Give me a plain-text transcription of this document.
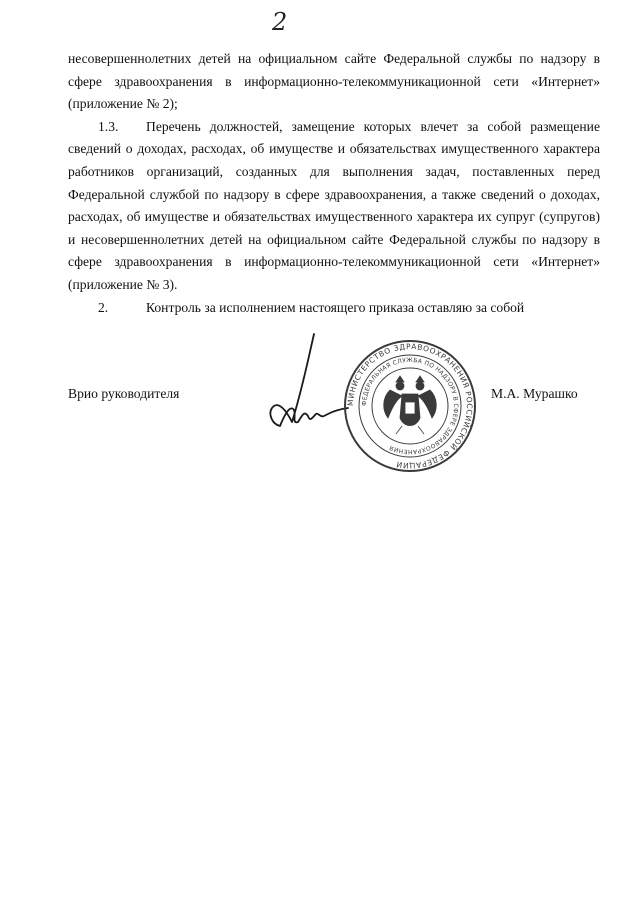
2

несовершеннолетних детей на официальном сайте Федеральной службы по надзору в сфере здравоохранения в информационно-телекоммуникационной сети «Интернет» (приложение № 2);

1.3. Перечень должностей, замещение которых влечет за собой размещение сведений о доходах, расходах, об имуществе и обязательствах имущественного характера работников организаций, созданных для выполнения задач, поставленных перед Федеральной службой по надзору в сфере здравоохранения, а также сведений о доходах, расходах, об имуществе и обязательствах имущественного характера их супруг (супругов) и несовершеннолетних детей на официальном сайте Федеральной службы по надзору в сфере здравоохранения в информационно-телекоммуникационной сети «Интернет» (приложение № 3).

2.	Контроль за исполнением настоящего приказа оставляю за собой

Врио руководителя	М.А. Мурашко
МИНИСТЕРСТВО ЗДРАВООХРАНЕНИЯ РОССИЙСКОЙ ФЕДЕРАЦИИ
ФЕДЕРАЛЬНАЯ СЛУЖБА ПО НАДЗОРУ В СФЕРЕ ЗДРАВООХРАНЕНИЯ
